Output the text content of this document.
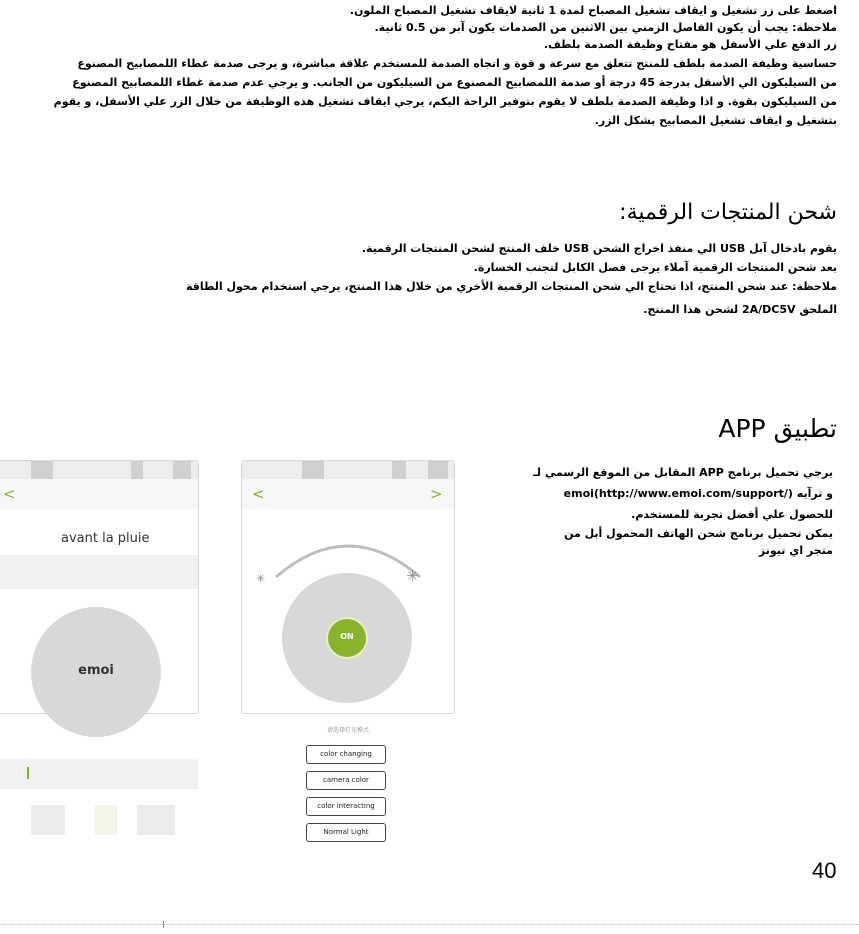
اضغط على زر تشغيل و ايقاف تشغيل المصباح لمدة 1 ثانية لايقاف تشغيل المصباح الملون.

ملاحظة: يجب أن يكون الفاصل الزمني بين الاثنين من الصدمات يكون آبر من 0.5 ثانية.

زر الدفع علي الأسفل هو مفتاح وظيفة الصدمة بلطف.

حساسية وظيفة الصدمة بلطف للمنتج تتعلق مع سرعة و قوة و اتجاه الصدمة للمستخدم علاقة مباشرة، و يرجى صدمة غطاء اللمصابيح المصنوع

من السيليكون الي الأسفل بدرجة 45 درجة أو صدمة اللمصابيح المصنوع من السيليكون من الجانب. و يرجي عدم صدمة غطاء اللمصابيح المصنوع

من السيليكون بقوة. و اذا وظيفة الصدمة بلطف لا يقوم بتوفير الراحة اليكم، يرجي ايقاف تشغيل هذه الوظيفة من خلال الزر علي الأسفل، و يقوم

بتشغيل و ايقاف تشغيل المصابيح بشكل الزر.

شحن المنتجات الرقمية:

يقوم بادخال آبل USB الي منفذ اخراج الشحن USB خلف المنتج لشحن المنتجات الرقمية.

بعد شحن المنتجات الرقمية آملاء يرجى فصل الكابل لتجنب الخسارة.

ملاحظة: عند شحن المنتج، اذا تحتاج الي شحن المنتجات الرقمية الأخري من خلال هذا المنتج، يرجي استخدام محول الطاقة

الملحق 2A/DC5V لشحن هذا المنتج.

تطبيق APP
يرجي تحميل برنامج APP المقابل من الموقع الرسمي لـ
emoi(http://www.emoi.com/support/) و ترآيه
للحصول علي أفضل تجربة للمستخدم.
يمكن تحميل برنامج شحن الهاتف المحمول أبل من
متجر اي تيونز
<
avant la pluie
emoi
<	>
✳	✳
ON
请选择灯光模式
color changing
camera color
color interacting
Normal Light
40
